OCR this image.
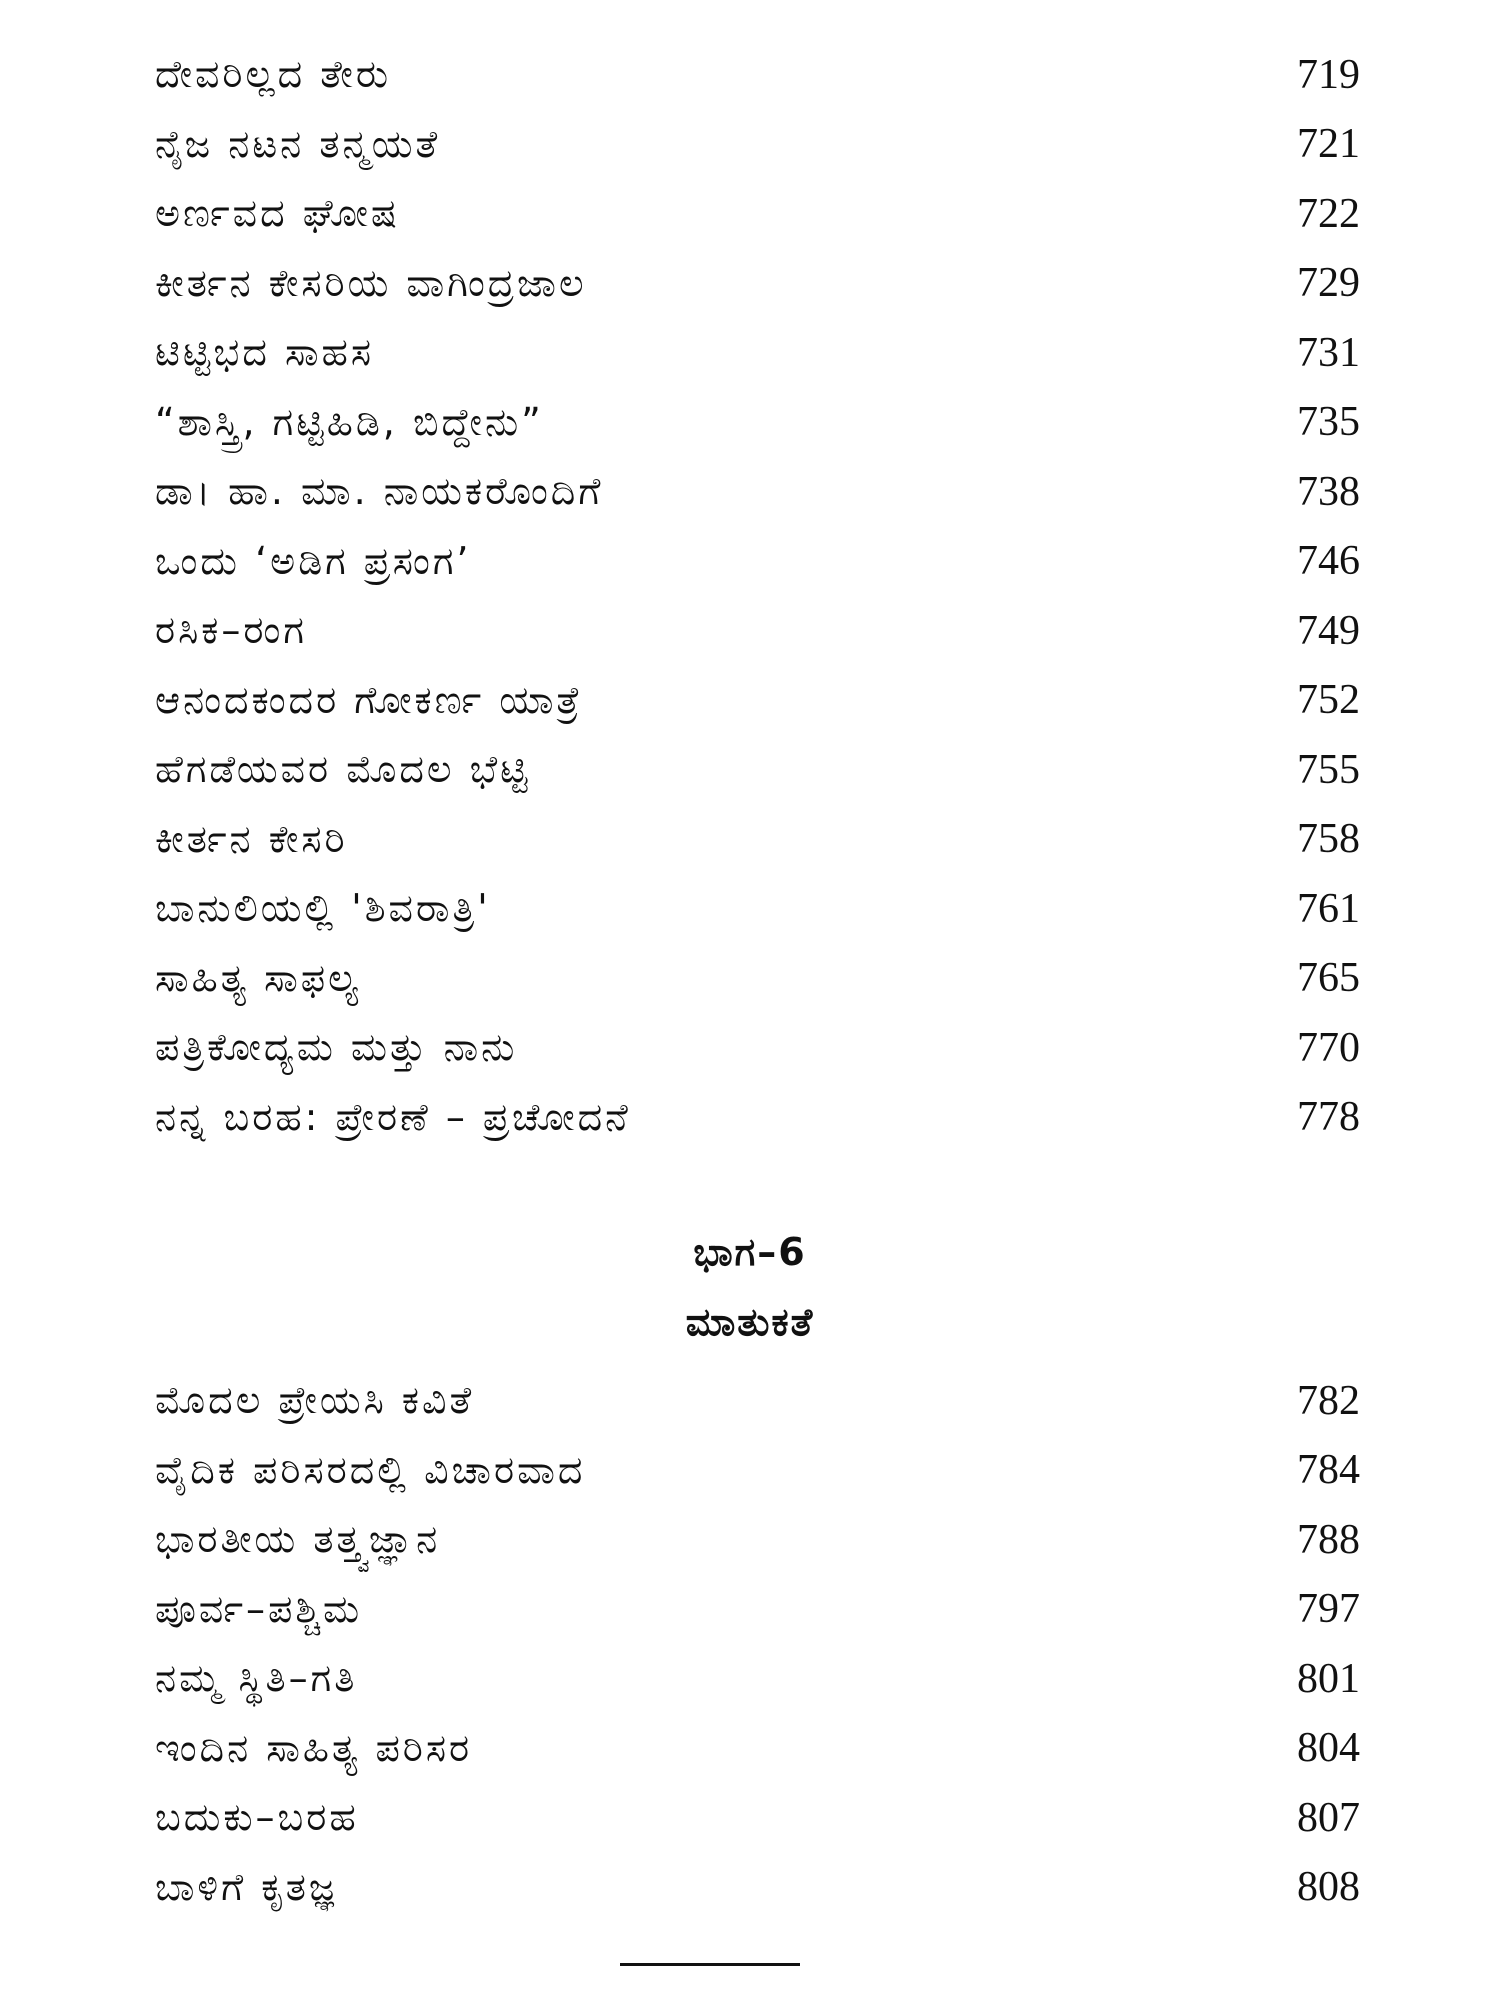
ದೇವರಿಲ್ಲದ ತೇರು	719
ನೈಜ ನಟನ ತನ್ಮಯತೆ	721
ಅರ್ಣವದ ಘೋಷ	722
ಕೀರ್ತನ ಕೇಸರಿಯ ವಾಗಿಂದ್ರಜಾಲ	729
ಟಿಟ್ಟಿಭದ ಸಾಹಸ	731
“ಶಾಸ್ತ್ರಿ, ಗಟ್ಟಿಹಿಡಿ, ಬಿದ್ದೇನು”	735
ಡಾ। ಹಾ. ಮಾ. ನಾಯಕರೊಂದಿಗೆ	738
ಒಂದು ‘ಅಡಿಗ ಪ್ರಸಂಗ’	746
ರಸಿಕ–ರಂಗ	749
ಆನಂದಕಂದರ ಗೋಕರ್ಣ ಯಾತ್ರೆ	752
ಹೆಗಡೆಯವರ ಮೊದಲ ಭೆಟ್ಟಿ	755
ಕೀರ್ತನ ಕೇಸರಿ	758
ಬಾನುಲಿಯಲ್ಲಿ 'ಶಿವರಾತ್ರಿ'	761
ಸಾಹಿತ್ಯ ಸಾಫಲ್ಯ	765
ಪತ್ರಿಕೋದ್ಯಮ ಮತ್ತು ನಾನು	770
ನನ್ನ ಬರಹ: ಪ್ರೇರಣೆ – ಪ್ರಚೋದನೆ	778
ಭಾಗ–6
ಮಾತುಕತೆ
ಮೊದಲ ಪ್ರೇಯಸಿ ಕವಿತೆ	782
ವೈದಿಕ ಪರಿಸರದಲ್ಲಿ ವಿಚಾರವಾದ	784
ಭಾರತೀಯ ತತ್ತ್ವಜ್ಞಾನ	788
ಪೂರ್ವ–ಪಶ್ಚಿಮ	797
ನಮ್ಮ ಸ್ಥಿತಿ–ಗತಿ	801
ಇಂದಿನ ಸಾಹಿತ್ಯ ಪರಿಸರ	804
ಬದುಕು–ಬರಹ	807
ಬಾಳಿಗೆ ಕೃತಜ್ಞ	808
